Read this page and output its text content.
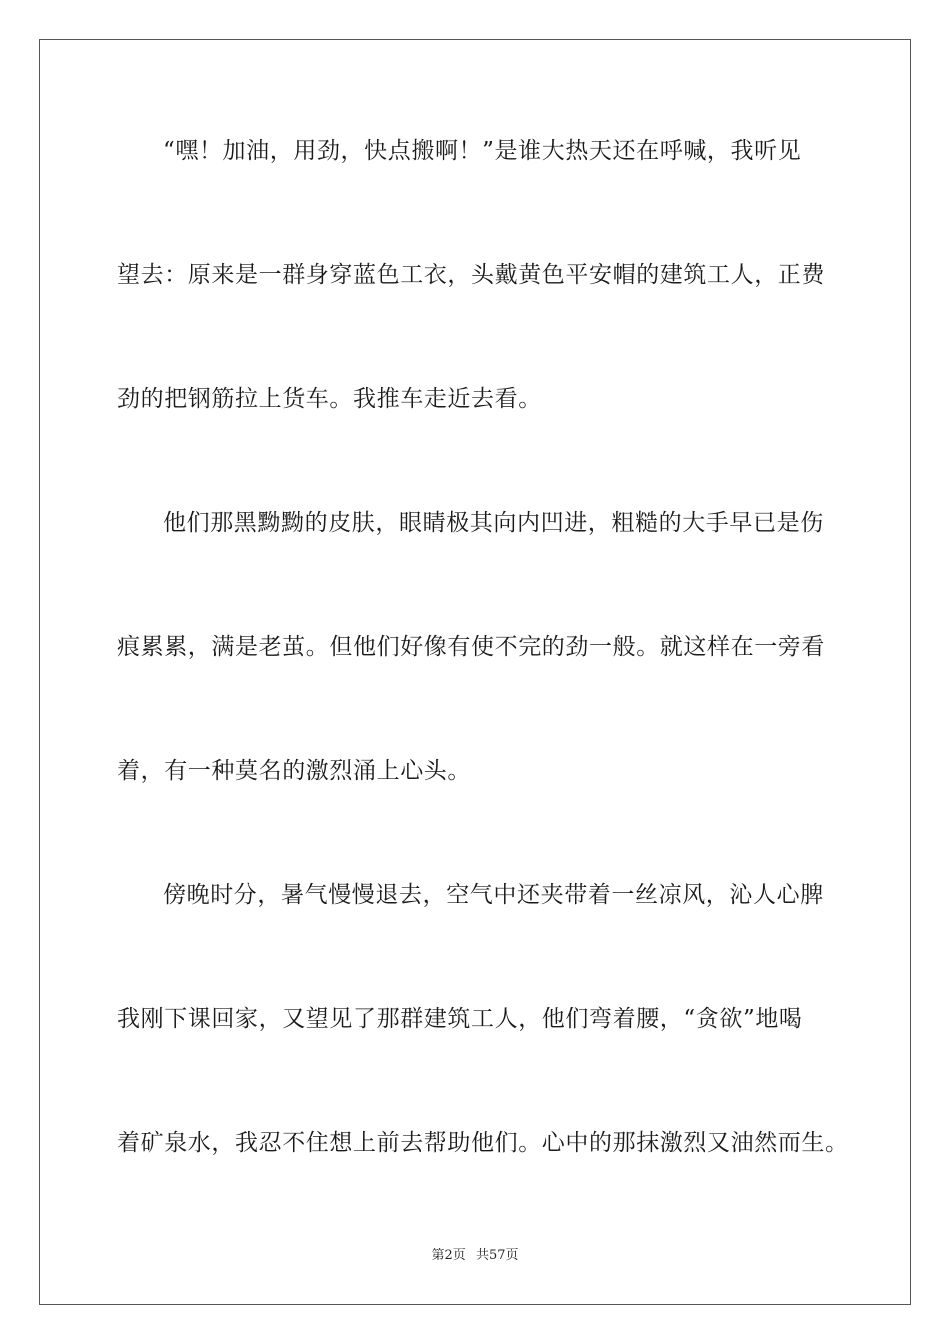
“嘿！加油，用劲，快点搬啊！”是谁大热天还在呼喊，我听见
望去：原来是一群身穿蓝色工衣，头戴黄色平安帽的建筑工人，正费
劲的把钢筋拉上货车。我推车走近去看。
他们那黑黝黝的皮肤，眼睛极其向内凹进，粗糙的大手早已是伤
痕累累，满是老茧。但他们好像有使不完的劲一般。就这样在一旁看
着，有一种莫名的激烈涌上心头。
傍晚时分，暑气慢慢退去，空气中还夹带着一丝凉风，沁人心脾
我刚下课回家，又望见了那群建筑工人，他们弯着腰，“贪欲”地喝
着矿泉水，我忍不住想上前去帮助他们。心中的那抹激烈又油然而生。
第2页 共57页
